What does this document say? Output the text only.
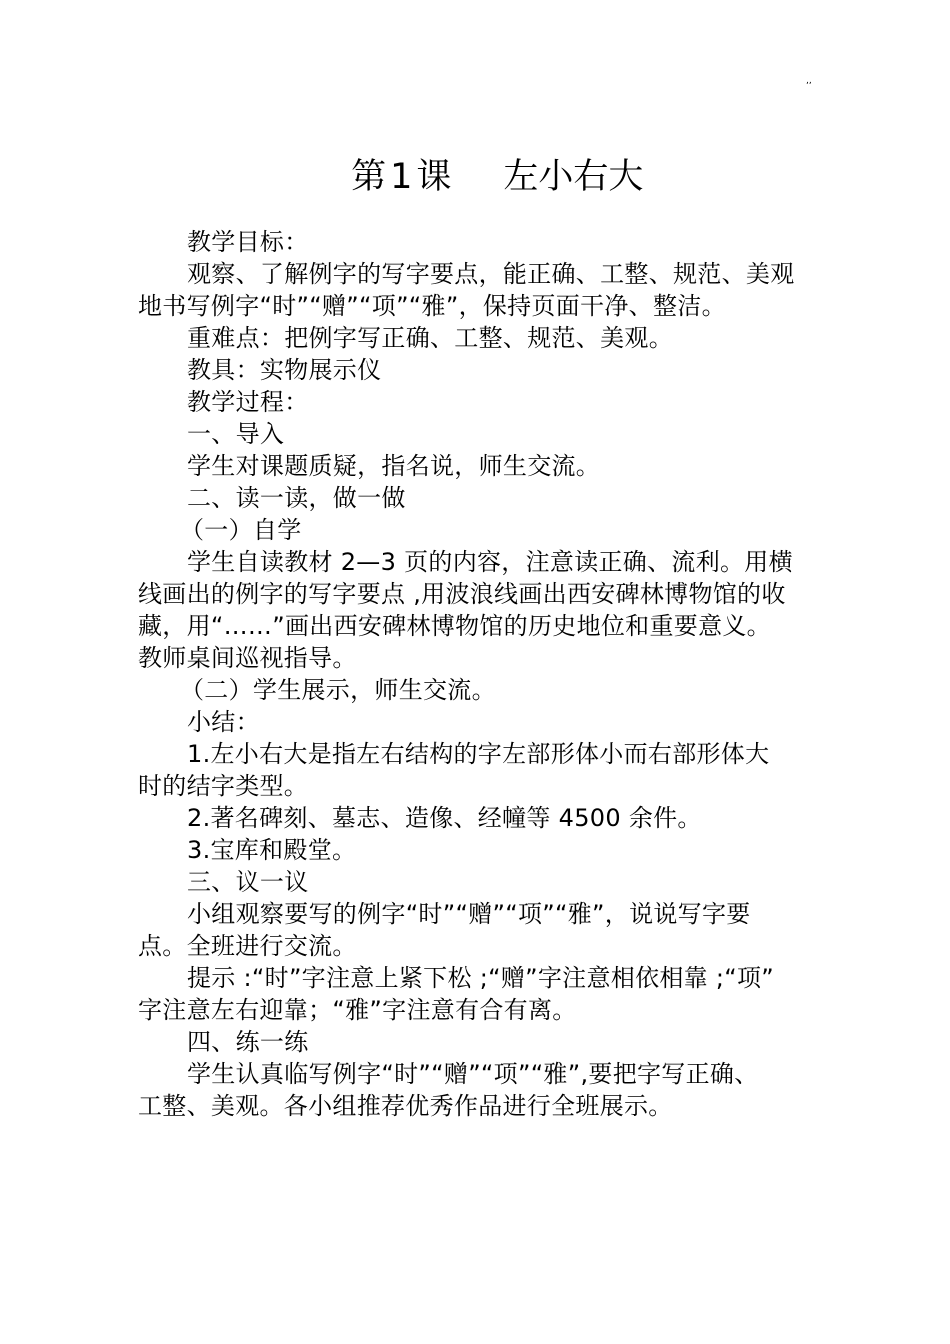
,,

第 1 课 左小右大

教学目标：
观察、了解例字的写字要点，能正确、工整、规范、美观
地书写例字“时”“赠”“项”“雅”，保持页面干净、整洁。
重难点：把例字写正确、工整、规范、美观。
教具：实物展示仪
教学过程：
一、导入
学生对课题质疑，指名说，师生交流。
二、读一读，做一做
（一）自学
学生自读教材 2—3 页的内容，注意读正确、流利。用横
线画出的例字的写字要点 ,用波浪线画出西安碑林博物馆的收
藏，用“……”画出西安碑林博物馆的历史地位和重要意义。
教师桌间巡视指导。
（二）学生展示，师生交流。
小结：
1.左小右大是指左右结构的字左部形体小而右部形体大
时的结字类型。
2.著名碑刻、墓志、造像、经幢等 4500 余件。
3.宝库和殿堂。
三、议一议
小组观察要写的例字“时”“赠”“项”“雅”，说说写字要
点。全班进行交流。
提示 :“时”字注意上紧下松 ;“赠”字注意相依相靠 ;“项”
字注意左右迎靠；“雅”字注意有合有离。
四、练一练
学生认真临写例字“时”“赠”“项”“雅”,要把字写正确、
工整、美观。各小组推荐优秀作品进行全班展示。
